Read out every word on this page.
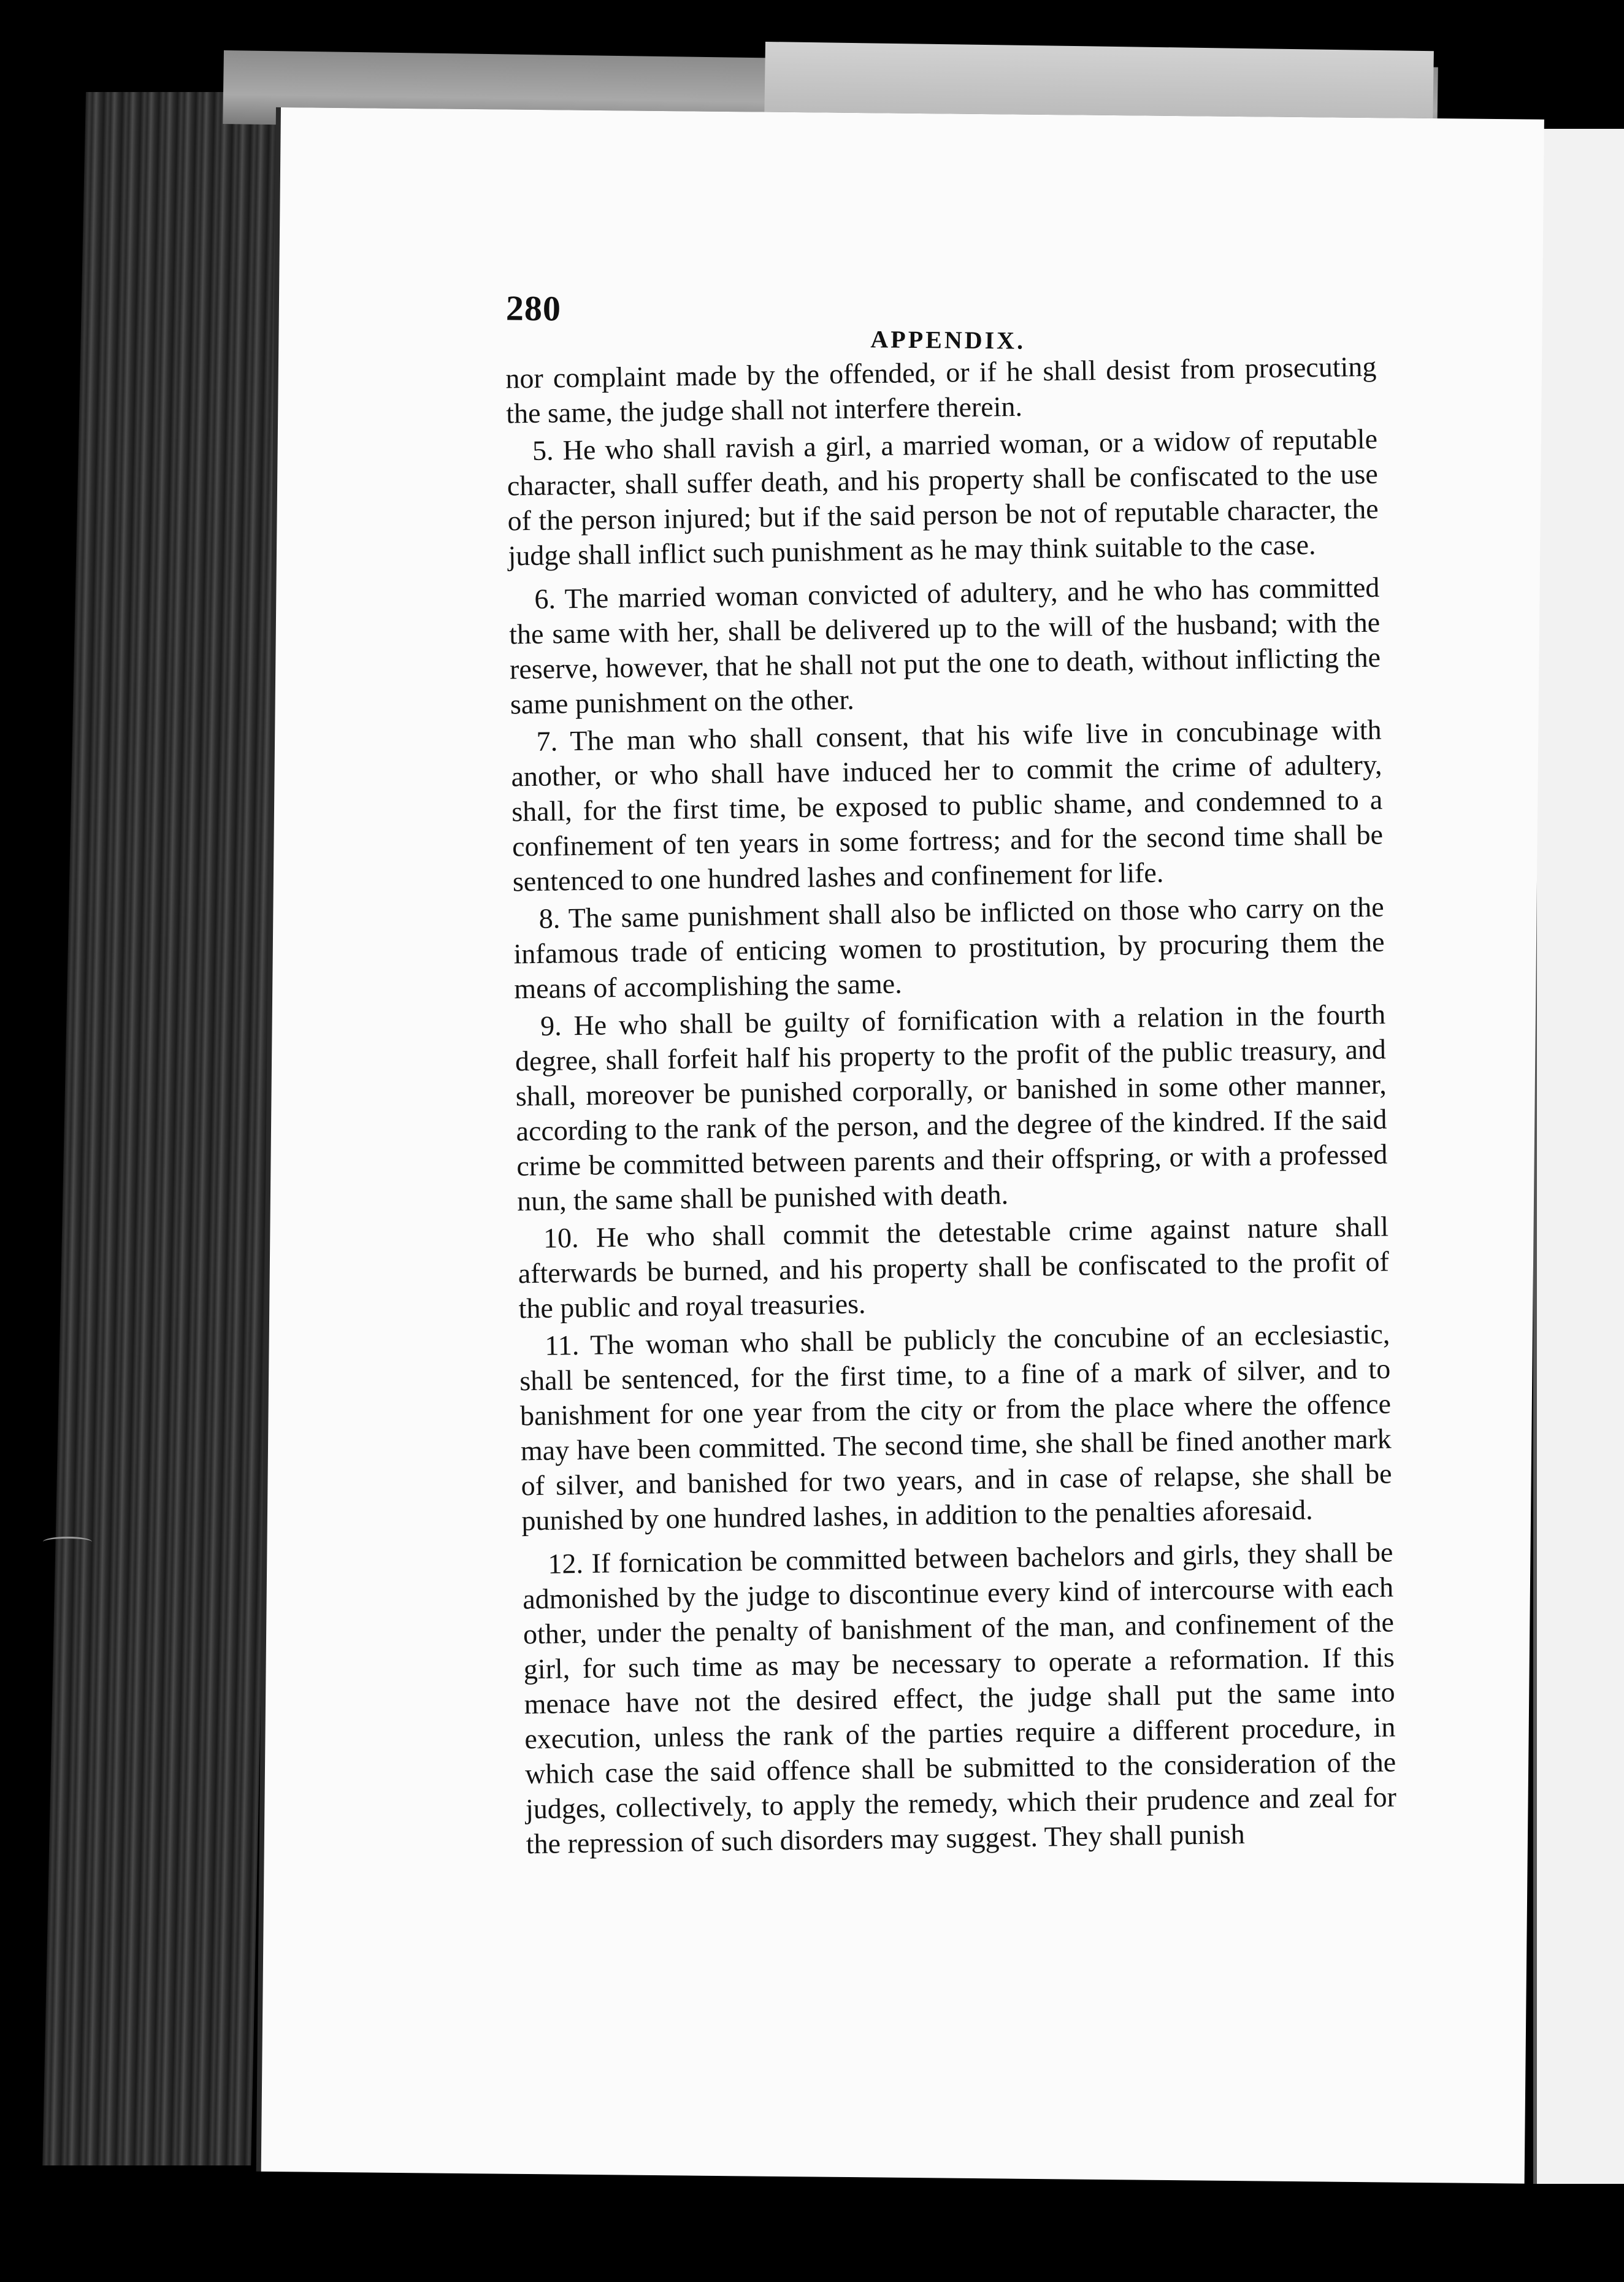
280
APPENDIX.

nor complaint made by the offended, or if he shall desist from prosecuting the same, the judge shall not interfere therein.

5. He who shall ravish a girl, a married woman, or a widow of reputable character, shall suffer death, and his property shall be confiscated to the use of the person injured; but if the said person be not of reputable character, the judge shall inflict such punishment as he may think suitable to the case.

6. The married woman convicted of adultery, and he who has committed the same with her, shall be delivered up to the will of the husband; with the reserve, however, that he shall not put the one to death, without inflicting the same punishment on the other.

7. The man who shall consent, that his wife live in concubinage with another, or who shall have induced her to commit the crime of adultery, shall, for the first time, be exposed to public shame, and condemned to a confinement of ten years in some fortress; and for the second time shall be sentenced to one hundred lashes and confinement for life.

8. The same punishment shall also be inflicted on those who carry on the infamous trade of enticing women to prostitution, by procuring them the means of accomplishing the same.

9. He who shall be guilty of fornification with a relation in the fourth degree, shall forfeit half his property to the profit of the public treasury, and shall, moreover be punished corporally, or banished in some other manner, according to the rank of the person, and the degree of the kindred. If the said crime be committed between parents and their offspring, or with a professed nun, the same shall be punished with death.

10. He who shall commit the detestable crime against nature shall afterwards be burned, and his property shall be confiscated to the profit of the public and royal treasuries.

11. The woman who shall be publicly the concubine of an ecclesiastic, shall be sentenced, for the first time, to a fine of a mark of silver, and to banishment for one year from the city or from the place where the offence may have been committed. The second time, she shall be fined another mark of silver, and banished for two years, and in case of relapse, she shall be punished by one hundred lashes, in addition to the penalties aforesaid.

12. If fornication be committed between bachelors and girls, they shall be admonished by the judge to discontinue every kind of intercourse with each other, under the penalty of banishment of the man, and confinement of the girl, for such time as may be necessary to operate a reformation. If this menace have not the desired effect, the judge shall put the same into execution, unless the rank of the parties require a different procedure, in which case the said offence shall be submitted to the consideration of the judges, collectively, to apply the remedy, which their prudence and zeal for the repression of such disorders may suggest. They shall punish
